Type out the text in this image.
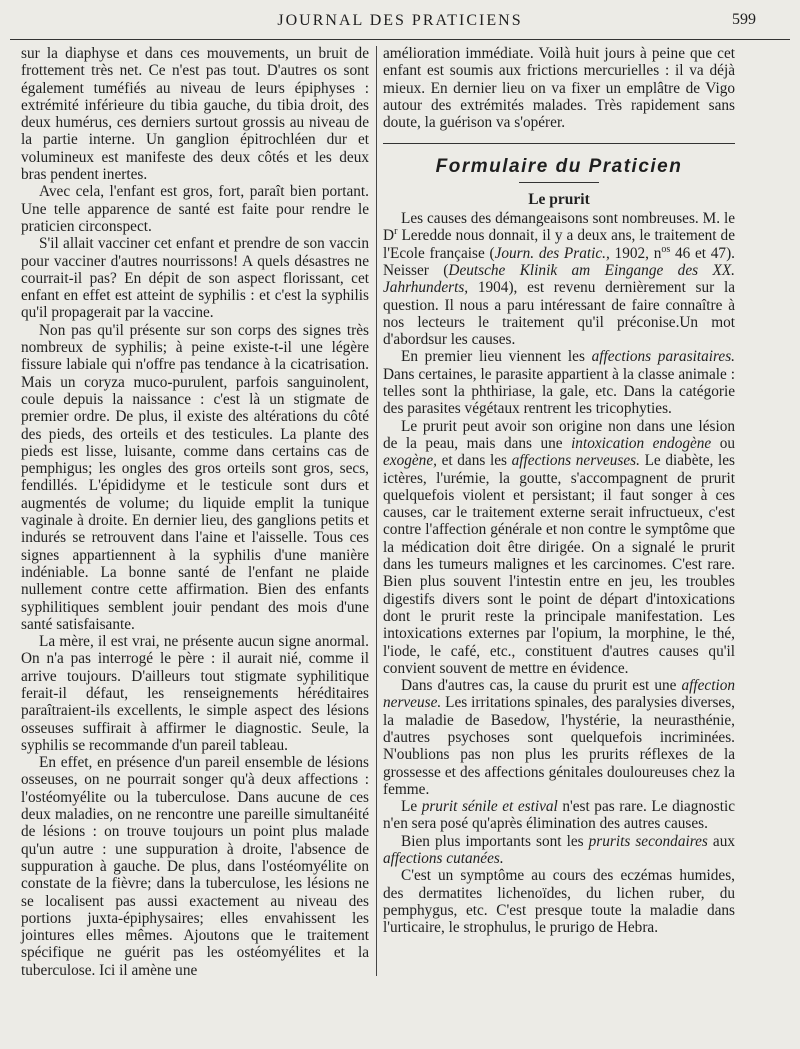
JOURNAL DES PRATICIENS	599

sur la diaphyse et dans ces mouvements, un bruit de frottement très net. Ce n'est pas tout. D'autres os sont également tuméfiés au niveau de leurs épiphyses : extrémité inférieure du tibia gauche, du tibia droit, des deux humérus, ces derniers surtout grossis au niveau de la partie interne. Un ganglion épitrochléen dur et volumineux est manifeste des deux côtés et les deux bras pendent inertes.

Avec cela, l'enfant est gros, fort, paraît bien portant. Une telle apparence de santé est faite pour rendre le praticien circonspect.

S'il allait vacciner cet enfant et prendre de son vaccin pour vacciner d'autres nourrissons! A quels désastres ne courrait-il pas? En dépit de son aspect florissant, cet enfant en effet est atteint de syphilis : et c'est la syphilis qu'il propagerait par la vaccine.

Non pas qu'il présente sur son corps des signes très nombreux de syphilis; à peine existe-t-il une légère fissure labiale qui n'offre pas tendance à la cicatrisation. Mais un coryza muco-purulent, parfois sanguinolent, coule depuis la naissance : c'est là un stigmate de premier ordre. De plus, il existe des altérations du côté des pieds, des orteils et des testicules. La plante des pieds est lisse, luisante, comme dans certains cas de pemphigus; les ongles des gros orteils sont gros, secs, fendillés. L'épididyme et le testicule sont durs et augmentés de volume; du liquide emplit la tunique vaginale à droite. En dernier lieu, des ganglions petits et indurés se retrouvent dans l'aine et l'aisselle. Tous ces signes appartiennent à la syphilis d'une manière indéniable. La bonne santé de l'enfant ne plaide nullement contre cette affirmation. Bien des enfants syphilitiques semblent jouir pendant des mois d'une santé satisfaisante.

La mère, il est vrai, ne présente aucun signe anormal. On n'a pas interrogé le père : il aurait nié, comme il arrive toujours. D'ailleurs tout stigmate syphilitique ferait-il défaut, les renseignements héréditaires paraîtraient-ils excellents, le simple aspect des lésions osseuses suffirait à affirmer le diagnostic. Seule, la syphilis se recommande d'un pareil tableau.

En effet, en présence d'un pareil ensemble de lésions osseuses, on ne pourrait songer qu'à deux affections : l'ostéomyélite ou la tuberculose. Dans aucune de ces deux maladies, on ne rencontre une pareille simultanéité de lésions : on trouve toujours un point plus malade qu'un autre : une suppuration à droite, l'absence de suppuration à gauche. De plus, dans l'ostéomyélite on constate de la fièvre; dans la tuberculose, les lésions ne se localisent pas aussi exactement au niveau des portions juxta-épiphysaires; elles envahissent les jointures elles mêmes. Ajoutons que le traitement spécifique ne guérit pas les ostéomyélites et la tuberculose. Ici il amène une

amélioration immédiate. Voilà huit jours à peine que cet enfant est soumis aux frictions mercurielles : il va déjà mieux. En dernier lieu on va fixer un emplâtre de Vigo autour des extrémités malades. Très rapidement sans doute, la guérison va s'opérer.

Formulaire du Praticien
Le prurit

Les causes des démangeaisons sont nombreuses. M. le $D^r$ Leredde nous donnait, il y a deux ans, le traitement de l'Ecole française (Journ. des Pratic., 1902, $n^{os}$ 46 et 47). Neisser (Deutsche Klinik am Eingange des XX. Jahrhunderts, 1904), est revenu dernièrement sur la question. Il nous a paru intéressant de faire connaître à nos lecteurs le traitement qu'il préconise.Un mot d'abordsur les causes.

En premier lieu viennent les affections parasitaires. Dans certaines, le parasite appartient à la classe animale : telles sont la phthiriase, la gale, etc. Dans la catégorie des parasites végétaux rentrent les tricophyties.

Le prurit peut avoir son origine non dans une lésion de la peau, mais dans une intoxication endogène ou exogène, et dans les affections nerveuses. Le diabète, les ictères, l'urémie, la goutte, s'accompagnent de prurit quelquefois violent et persistant; il faut songer à ces causes, car le traitement externe serait infructueux, c'est contre l'affection générale et non contre le symptôme que la médication doit être dirigée. On a signalé le prurit dans les tumeurs malignes et les carcinomes. C'est rare. Bien plus souvent l'intestin entre en jeu, les troubles digestifs divers sont le point de départ d'intoxications dont le prurit reste la principale manifestation. Les intoxications externes par l'opium, la morphine, le thé, l'iode, le café, etc., constituent d'autres causes qu'il convient souvent de mettre en évidence.

Dans d'autres cas, la cause du prurit est une affection nerveuse. Les irritations spinales, des paralysies diverses, la maladie de Basedow, l'hystérie, la neurasthénie, d'autres psychoses sont quelquefois incriminées. N'oublions pas non plus les prurits réflexes de la grossesse et des affections génitales douloureuses chez la femme.

Le prurit sénile et estival n'est pas rare. Le diagnostic n'en sera posé qu'après élimination des autres causes.

Bien plus importants sont les prurits secondaires aux affections cutanées.

C'est un symptôme au cours des eczémas humides, des dermatites lichenoïdes, du lichen ruber, du pemphygus, etc. C'est presque toute la maladie dans l'urticaire, le strophulus, le prurigo de Hebra.
